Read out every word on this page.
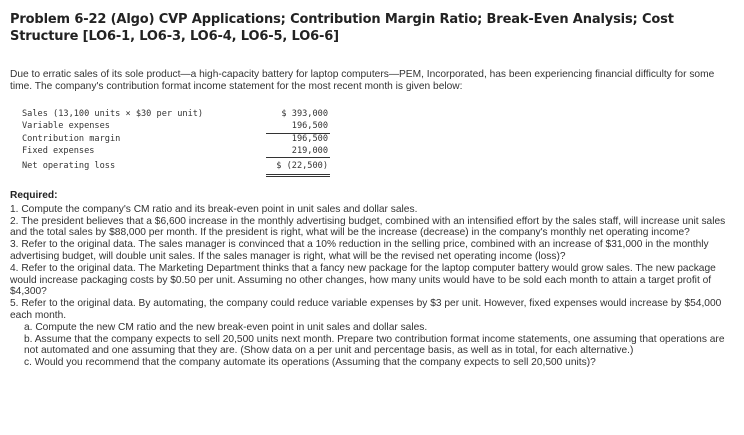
Problem 6-22 (Algo) CVP Applications; Contribution Margin Ratio; Break-Even Analysis; Cost Structure [LO6-1, LO6-3, LO6-4, LO6-5, LO6-6]
Due to erratic sales of its sole product—a high-capacity battery for laptop computers—PEM, Incorporated, has been experiencing financial difficulty for some time. The company's contribution format income statement for the most recent month is given below:
Sales (13,100 units × $30 per unit)	$ 393,000
Variable expenses	196,500
Contribution margin	196,500
Fixed expenses	219,000
Net operating loss	$ (22,500)
Required:

1. Compute the company's CM ratio and its break-even point in unit sales and dollar sales.

2. The president believes that a $6,600 increase in the monthly advertising budget, combined with an intensified effort by the sales staff, will increase unit sales and the total sales by $88,000 per month. If the president is right, what will be the increase (decrease) in the company's monthly net operating income?

3. Refer to the original data. The sales manager is convinced that a 10% reduction in the selling price, combined with an increase of $31,000 in the monthly advertising budget, will double unit sales. If the sales manager is right, what will be the revised net operating income (loss)?

4. Refer to the original data. The Marketing Department thinks that a fancy new package for the laptop computer battery would grow sales. The new package would increase packaging costs by $0.50 per unit. Assuming no other changes, how many units would have to be sold each month to attain a target profit of $4,300?

5. Refer to the original data. By automating, the company could reduce variable expenses by $3 per unit. However, fixed expenses would increase by $54,000 each month.

a. Compute the new CM ratio and the new break-even point in unit sales and dollar sales.

b. Assume that the company expects to sell 20,500 units next month. Prepare two contribution format income statements, one assuming that operations are not automated and one assuming that they are. (Show data on a per unit and percentage basis, as well as in total, for each alternative.)

c. Would you recommend that the company automate its operations (Assuming that the company expects to sell 20,500 units)?
